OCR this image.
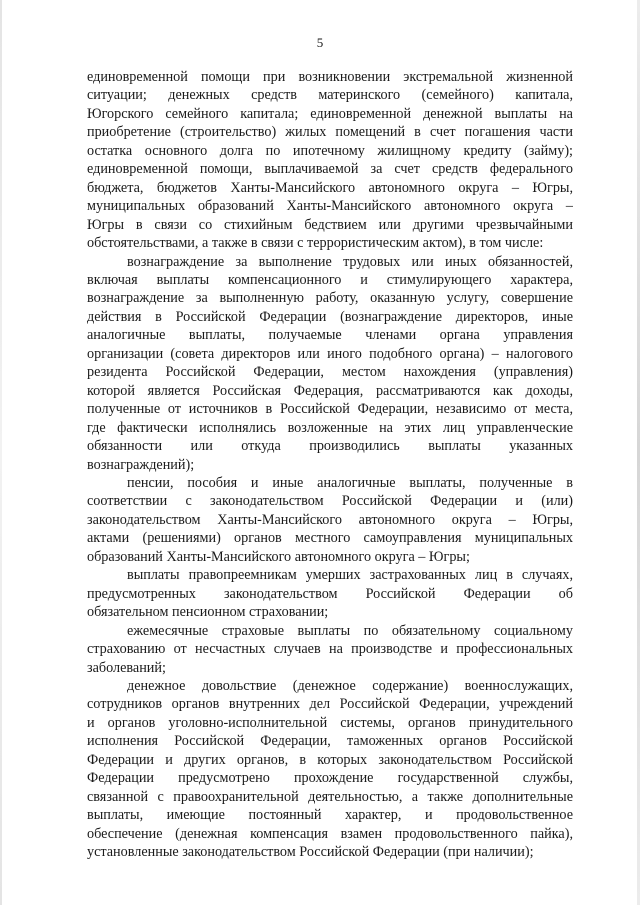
5
единовременной помощи при возникновении экстремальной жизненной
ситуации; денежных средств материнского (семейного) капитала,
Югорского семейного капитала; единовременной денежной выплаты на
приобретение (строительство) жилых помещений в счет погашения части
остатка основного долга по ипотечному жилищному кредиту (займу);
единовременной помощи, выплачиваемой за счет средств федерального
бюджета, бюджетов Ханты-Мансийского автономного округа – Югры,
муниципальных образований Ханты-Мансийского автономного округа –
Югры в связи со стихийным бедствием или другими чрезвычайными
обстоятельствами, а также в связи с террористическим актом), в том числе:
вознаграждение за выполнение трудовых или иных обязанностей,
включая выплаты компенсационного и стимулирующего характера,
вознаграждение за выполненную работу, оказанную услугу, совершение
действия в Российской Федерации (вознаграждение директоров, иные
аналогичные выплаты, получаемые членами органа управления
организации (совета директоров или иного подобного органа) – налогового
резидента Российской Федерации, местом нахождения (управления)
которой является Российская Федерация, рассматриваются как доходы,
полученные от источников в Российской Федерации, независимо от места,
где фактически исполнялись возложенные на этих лиц управленческие
обязанности или откуда производились выплаты указанных
вознаграждений);
пенсии, пособия и иные аналогичные выплаты, полученные в
соответствии с законодательством Российской Федерации и (или)
законодательством Ханты-Мансийского автономного округа – Югры,
актами (решениями) органов местного самоуправления муниципальных
образований Ханты-Мансийского автономного округа – Югры;
выплаты правопреемникам умерших застрахованных лиц в случаях,
предусмотренных законодательством Российской Федерации об
обязательном пенсионном страховании;
ежемесячные страховые выплаты по обязательному социальному
страхованию от несчастных случаев на производстве и профессиональных
заболеваний;
денежное довольствие (денежное содержание) военнослужащих,
сотрудников органов внутренних дел Российской Федерации, учреждений
и органов уголовно-исполнительной системы, органов принудительного
исполнения Российской Федерации, таможенных органов Российской
Федерации и других органов, в которых законодательством Российской
Федерации предусмотрено прохождение государственной службы,
связанной с правоохранительной деятельностью, а также дополнительные
выплаты, имеющие постоянный характер, и продовольственное
обеспечение (денежная компенсация взамен продовольственного пайка),
установленные законодательством Российской Федерации (при наличии);
